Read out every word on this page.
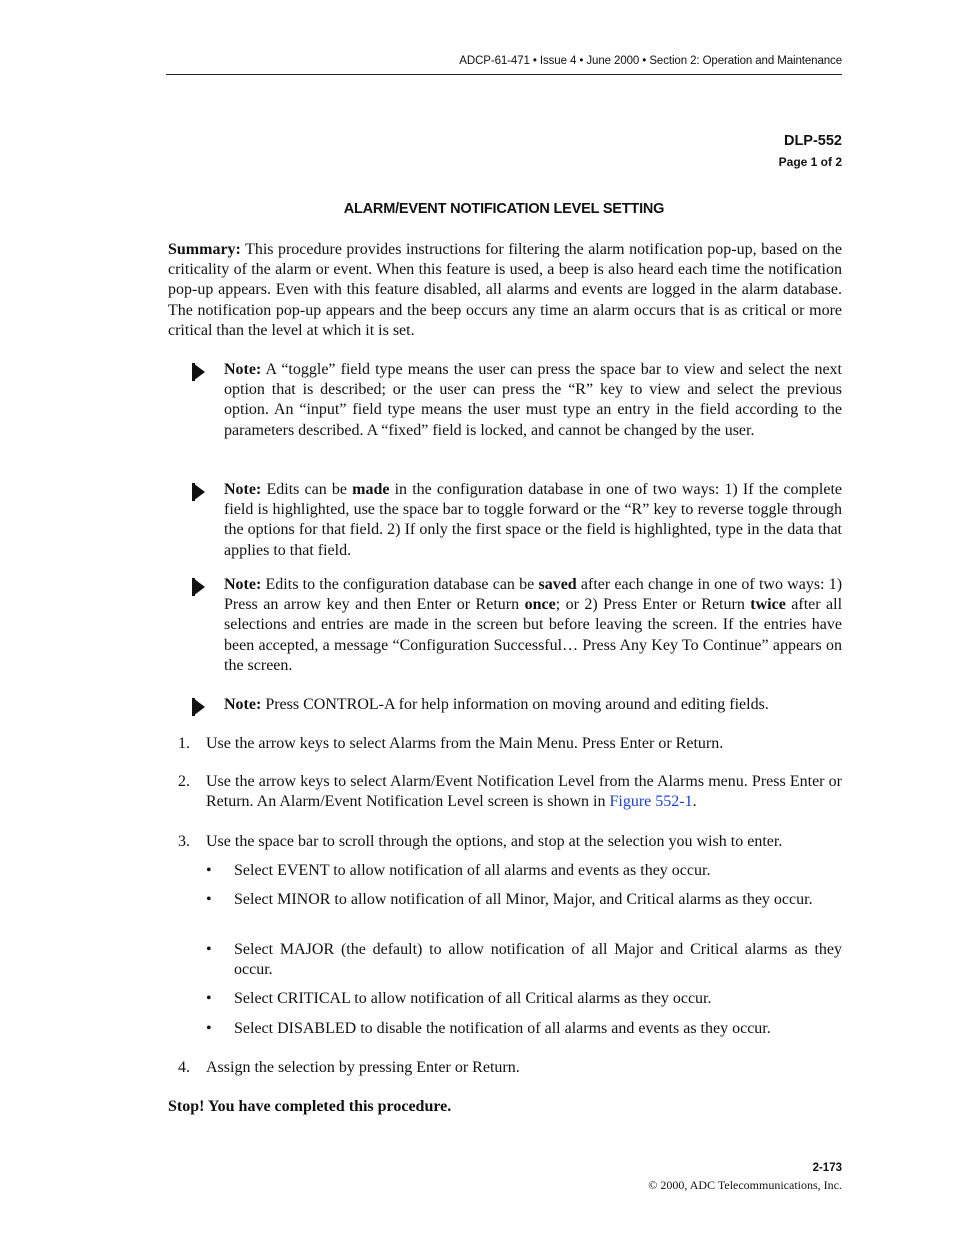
ADCP-61-471 • Issue 4 • June 2000 • Section 2: Operation and Maintenance
DLP-552
Page 1 of 2
ALARM/EVENT NOTIFICATION LEVEL SETTING
Summary: This procedure provides instructions for filtering the alarm notification pop-up, based on the criticality of the alarm or event. When this feature is used, a beep is also heard each time the notification pop-up appears. Even with this feature disabled, all alarms and events are logged in the alarm database. The notification pop-up appears and the beep occurs any time an alarm occurs that is as critical or more critical than the level at which it is set.
Note: A “toggle” field type means the user can press the space bar to view and select the next option that is described; or the user can press the “R” key to view and select the previous option. An “input” field type means the user must type an entry in the field according to the parameters described. A “fixed” field is locked, and cannot be changed by the user.
Note: Edits can be made in the configuration database in one of two ways: 1) If the complete field is highlighted, use the space bar to toggle forward or the “R” key to reverse toggle through the options for that field. 2) If only the first space or the field is highlighted, type in the data that applies to that field.
Note: Edits to the configuration database can be saved after each change in one of two ways: 1) Press an arrow key and then Enter or Return once; or 2) Press Enter or Return twice after all selections and entries are made in the screen but before leaving the screen. If the entries have been accepted, a message “Configuration Successful… Press Any Key To Continue” appears on the screen.
Note: Press CONTROL-A for help information on moving around and editing fields.
1. Use the arrow keys to select Alarms from the Main Menu. Press Enter or Return.
2. Use the arrow keys to select Alarm/Event Notification Level from the Alarms menu. Press Enter or Return. An Alarm/Event Notification Level screen is shown in Figure 552-1.
3. Use the space bar to scroll through the options, and stop at the selection you wish to enter.
• Select EVENT to allow notification of all alarms and events as they occur.
• Select MINOR to allow notification of all Minor, Major, and Critical alarms as they occur.
• Select MAJOR (the default) to allow notification of all Major and Critical alarms as they occur.
• Select CRITICAL to allow notification of all Critical alarms as they occur.
• Select DISABLED to disable the notification of all alarms and events as they occur.
4. Assign the selection by pressing Enter or Return.
Stop! You have completed this procedure.
2-173
© 2000, ADC Telecommunications, Inc.
